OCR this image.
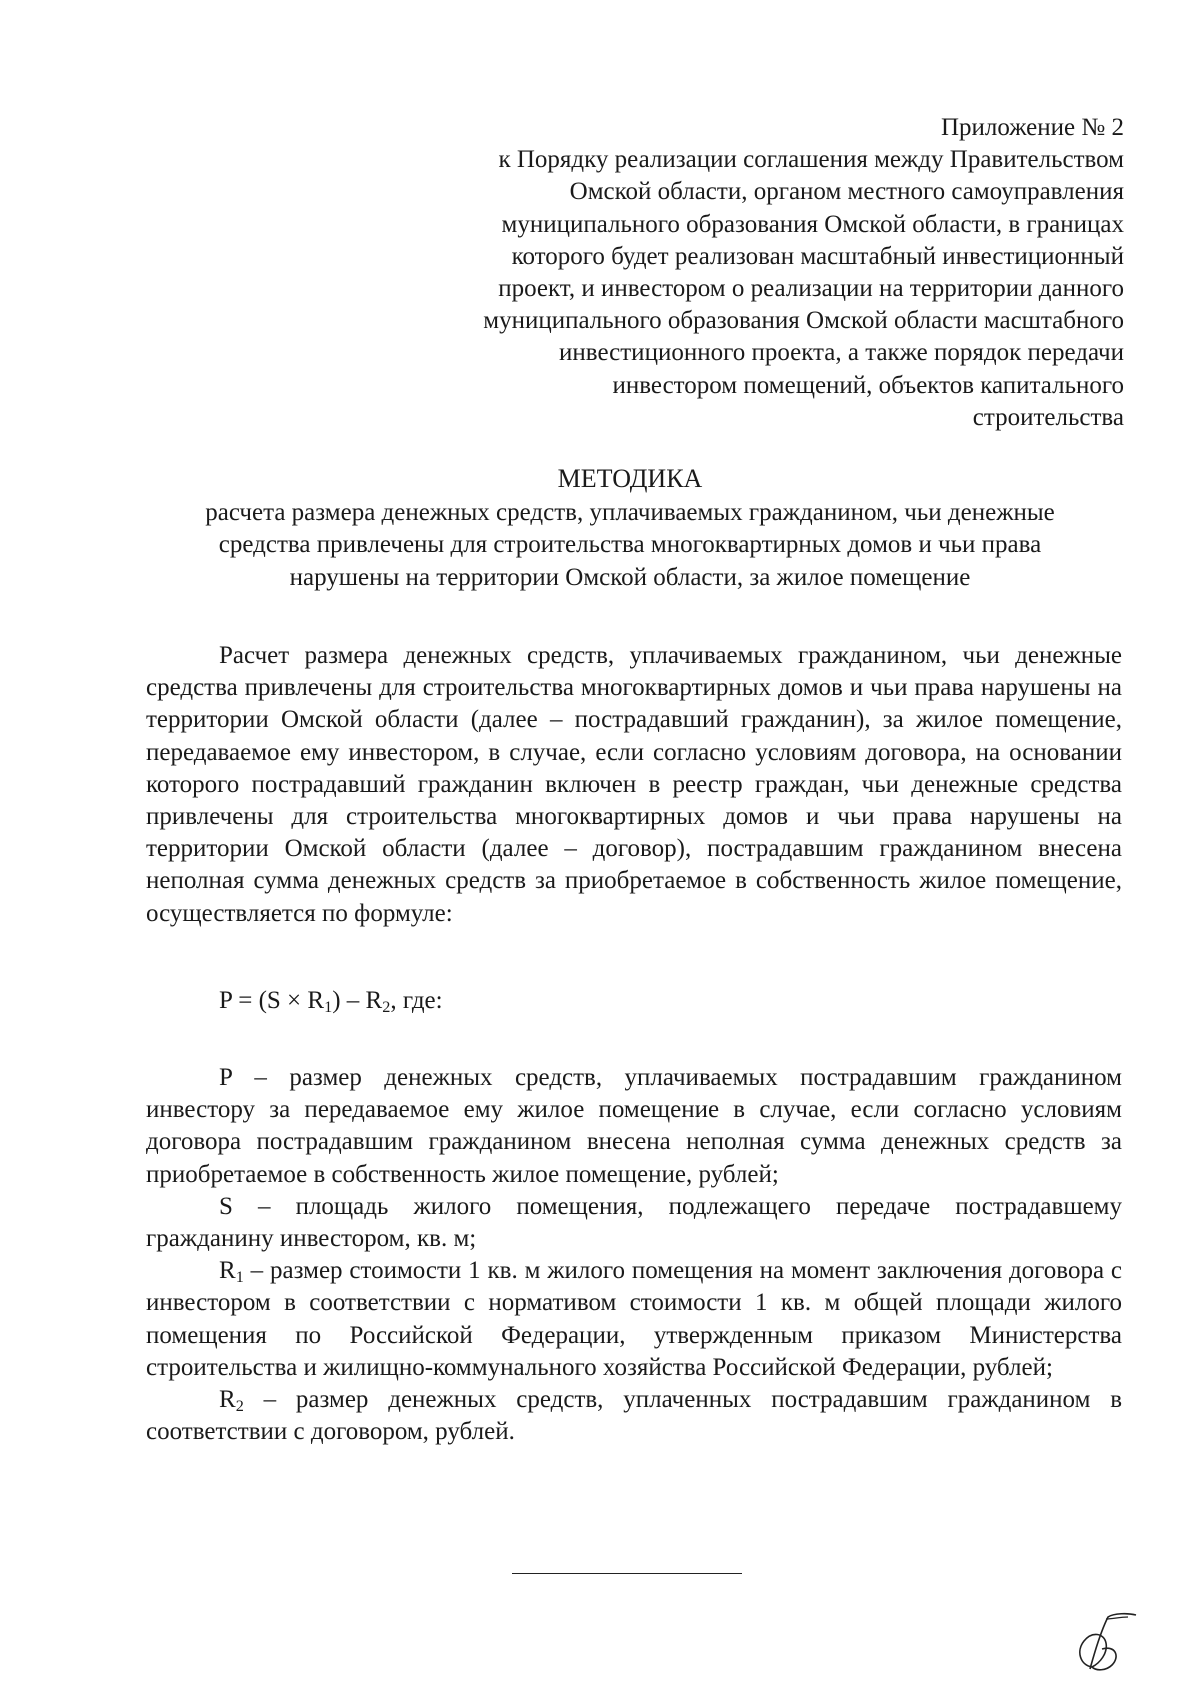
Приложение № 2
к Порядку реализации соглашения между Правительством
Омской области, органом местного самоуправления
муниципального образования Омской области, в границах
которого будет реализован масштабный инвестиционный
проект, и инвестором о реализации на территории данного
муниципального образования Омской области масштабного
инвестиционного проекта, а также порядок передачи
инвестором помещений, объектов капитального
строительства
МЕТОДИКА
расчета размера денежных средств, уплачиваемых гражданином, чьи денежные
средства привлечены для строительства многоквартирных домов и чьи права
нарушены на территории Омской области, за жилое помещение

Расчет размера денежных средств, уплачиваемых гражданином, чьи денежные средства привлечены для строительства многоквартирных домов и чьи права нарушены на территории Омской области (далее – пострадавший гражданин), за жилое помещение, передаваемое ему инвестором, в случае, если согласно условиям договора, на основании которого пострадавший гражданин включен в реестр граждан, чьи денежные средства привлечены для строительства многоквартирных домов и чьи права нарушены на территории Омской области (далее – договор), пострадавшим гражданином внесена неполная сумма денежных средств за приобретаемое в собственность жилое помещение, осуществляется по формуле:

$P = (S \times R_1) - R_2$, где:

P – размер денежных средств, уплачиваемых пострадавшим гражданином инвестору за передаваемое ему жилое помещение в случае, если согласно условиям договора пострадавшим гражданином внесена неполная сумма денежных средств за приобретаемое в собственность жилое помещение, рублей;

S – площадь жилого помещения, подлежащего передаче пострадавшему гражданину инвестором, кв. м;

$R_1$ – размер стоимости 1 кв. м жилого помещения на момент заключения договора с инвестором в соответствии с нормативом стоимости 1 кв. м общей площади жилого помещения по Российской Федерации, утвержденным приказом Министерства строительства и жилищно-коммунального хозяйства Российской Федерации, рублей;

$R_2$ – размер денежных средств, уплаченных пострадавшим гражданином в соответствии с договором, рублей.
